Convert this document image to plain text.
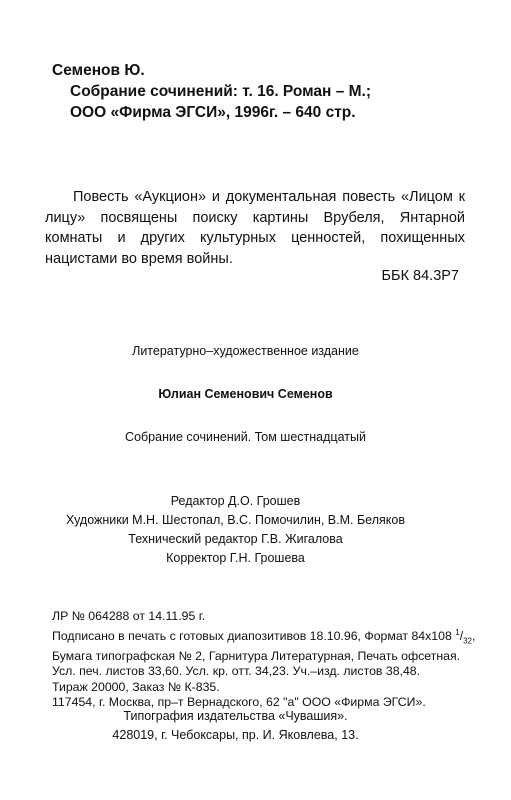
Семенов Ю.
Собрание сочинений: т. 16. Роман – М.;
ООО «Фирма ЭГСИ», 1996г. – 640 стр.
Повесть «Аукцион» и документальная повесть «Лицом к лицу» посвящены поиску картины Врубеля, Янтарной комнаты и других культурных ценностей, похищенных нацистами во время войны.
ББК 84.3Р7
Литературно–художественное издание
Юлиан Семенович Семенов
Собрание сочинений. Том шестнадцатый
Редактор Д.О. Грошев
Художники М.Н. Шестопал, В.С. Помочилин, В.М. Беляков
Технический редактор Г.В. Жигалова
Корректор Г.Н. Грошева
ЛР № 064288 от 14.11.95 г.
Подписано в печать с готовых диапозитивов 18.10.96, Формат 84х108 $^1/_{32}$,
Бумага типографская № 2, Гарнитура Литературная, Печать офсетная.
Усл. печ. листов 33,60. Усл. кр. отт. 34,23. Уч.–изд. листов 38,48.
Тираж 20000, Заказ № К-835.
117454, г. Москва, пр–т Вернадского, 62 "а" ООО «Фирма ЭГСИ».
Типография издательства «Чувашия».
428019, г. Чебоксары, пр. И. Яковлева, 13.
